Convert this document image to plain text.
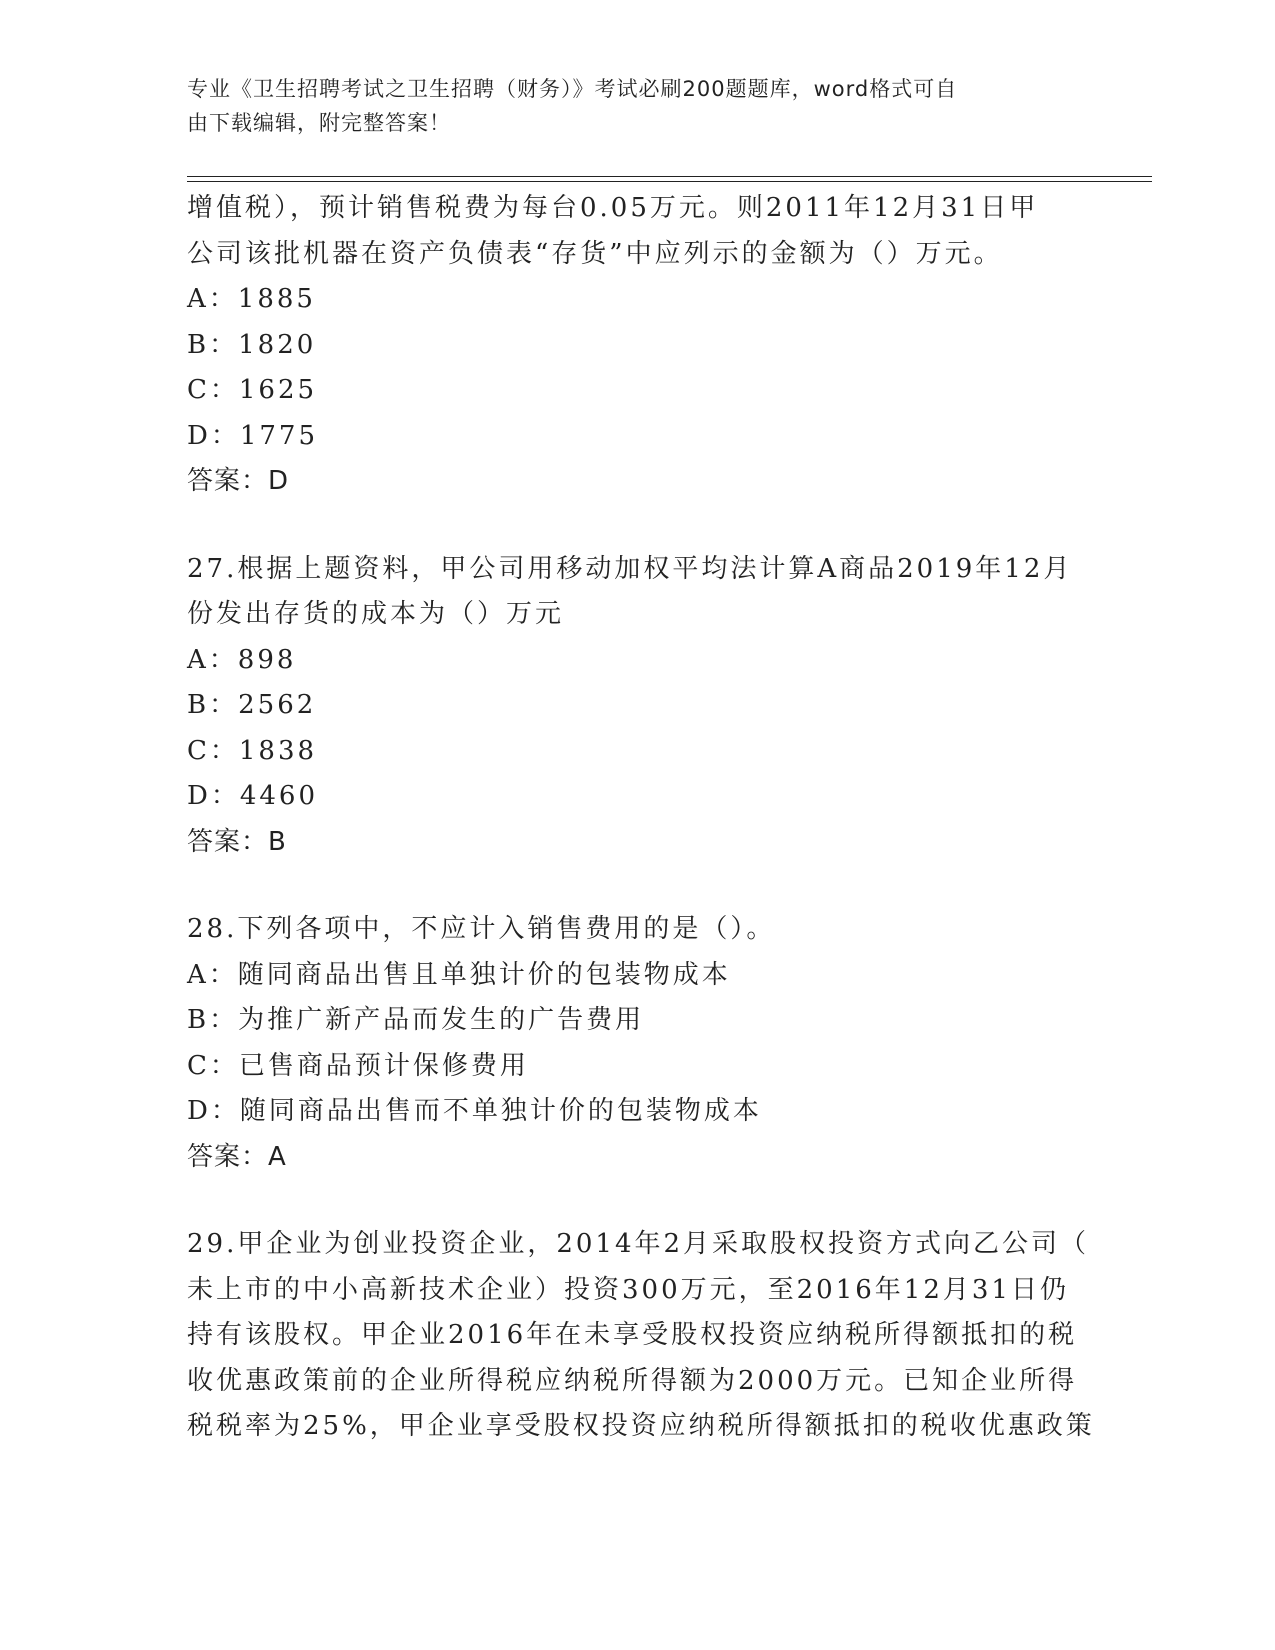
专业《卫生招聘考试之卫生招聘（财务）》考试必刷200题题库，word格式可自
由下载编辑，附完整答案！
增值税），预计销售税费为每台0.05万元。则2011年12月31日甲
公司该批机器在资产负债表“存货”中应列示的金额为（）万元。
A：1885
B：1820
C：1625
D：1775
答案：D
27.根据上题资料，甲公司用移动加权平均法计算A商品2019年12月
份发出存货的成本为（）万元
A：898
B：2562
C：1838
D：4460
答案：B
28.下列各项中，不应计入销售费用的是（）。
A：随同商品出售且单独计价的包装物成本
B：为推广新产品而发生的广告费用
C：已售商品预计保修费用
D：随同商品出售而不单独计价的包装物成本
答案：A
29.甲企业为创业投资企业，2014年2月采取股权投资方式向乙公司（
未上市的中小高新技术企业）投资300万元，至2016年12月31日仍
持有该股权。甲企业2016年在未享受股权投资应纳税所得额抵扣的税
收优惠政策前的企业所得税应纳税所得额为2000万元。已知企业所得
税税率为25%，甲企业享受股权投资应纳税所得额抵扣的税收优惠政策
